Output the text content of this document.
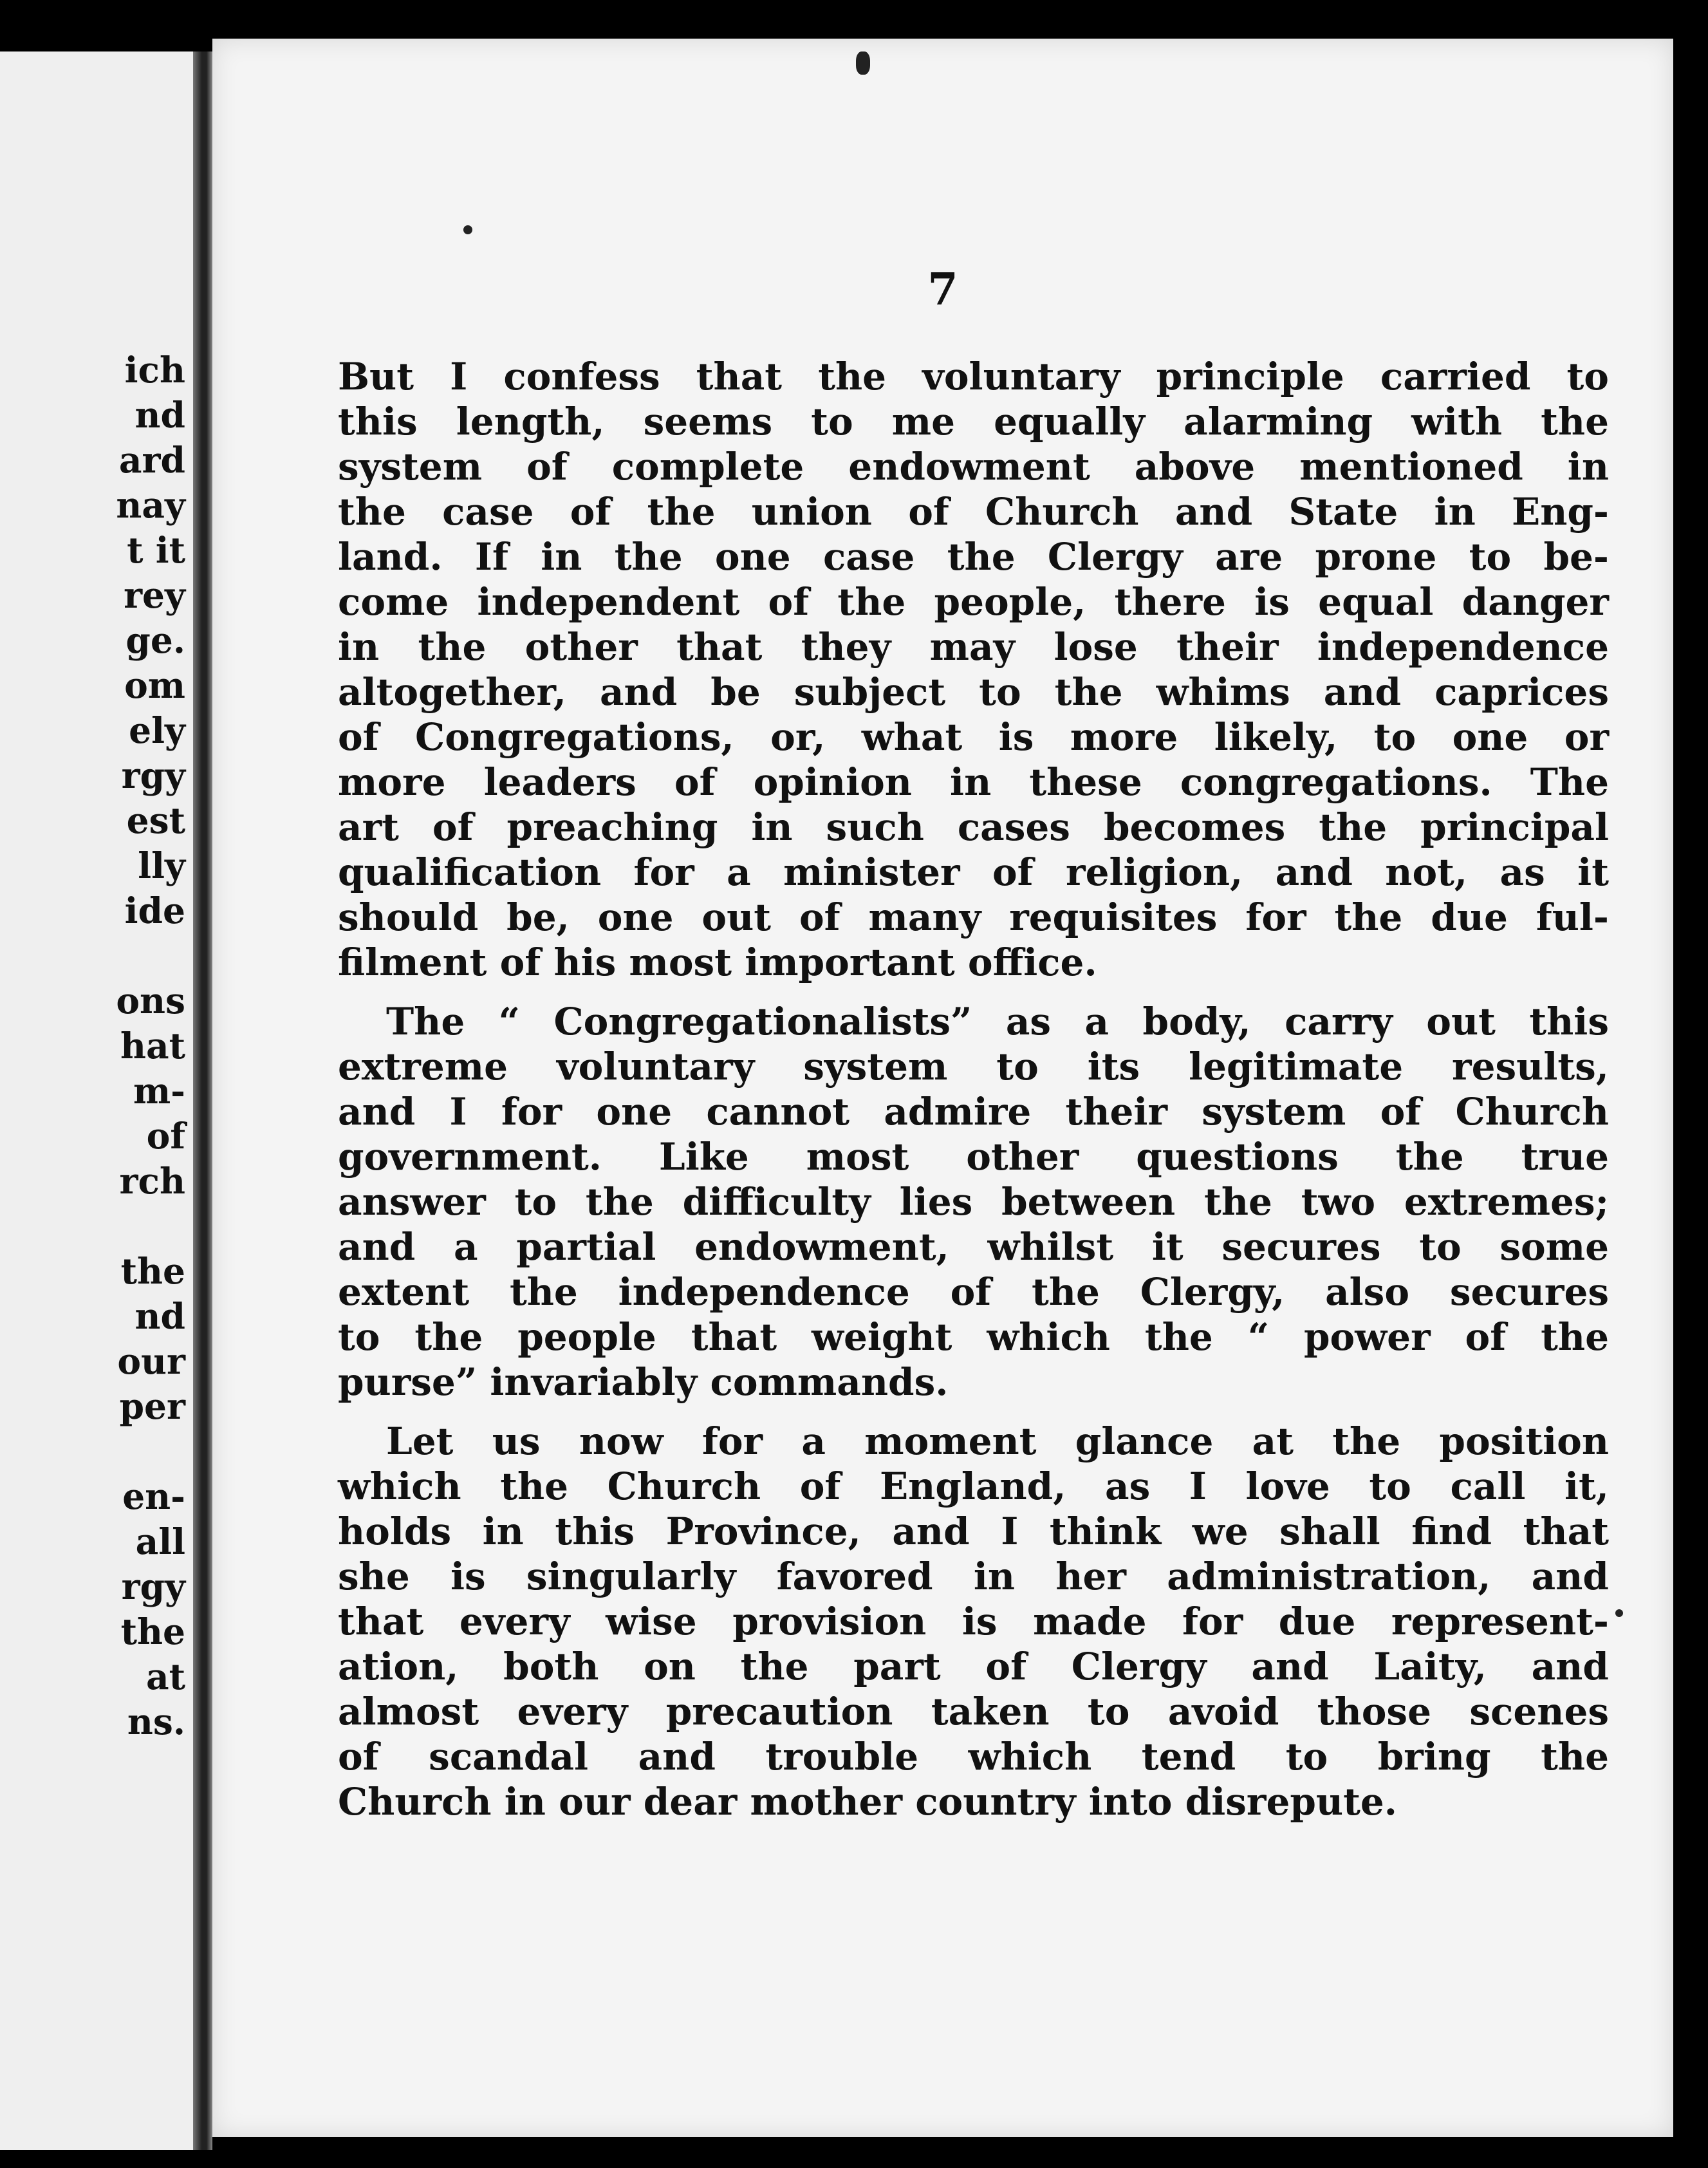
ich
nd
ard
nay
t it
rey
ge.
om
ely
rgy
est
lly
ide
ons
hat
m-
of
rch
the
nd
our
per
en-
all
rgy
the
at
ns.
7
But I confess that the voluntary principle carried to
this length, seems to me equally alarming with the
system of complete endowment above mentioned in
the case of the union of Church and State in Eng-
land. If in the one case the Clergy are prone to be-
come independent of the people, there is equal danger
in the other that they may lose their independence
altogether, and be subject to the whims and caprices
of Congregations, or, what is more likely, to one or
more leaders of opinion in these congregations. The
art of preaching in such cases becomes the principal
qualification for a minister of religion, and not, as it
should be, one out of many requisites for the due ful-
filment of his most important office.
The “ Congregationalists” as a body, carry out this
extreme voluntary system to its legitimate results,
and I for one cannot admire their system of Church
government. Like most other questions the true
answer to the difficulty lies between the two extremes;
and a partial endowment, whilst it secures to some
extent the independence of the Clergy, also secures
to the people that weight which the “ power of the
purse” invariably commands.
Let us now for a moment glance at the position
which the Church of England, as I love to call it,
holds in this Province, and I think we shall find that
she is singularly favored in her administration, and
that every wise provision is made for due represent-
ation, both on the part of Clergy and Laity, and
almost every precaution taken to avoid those scenes
of scandal and trouble which tend to bring the
Church in our dear mother country into disrepute.
